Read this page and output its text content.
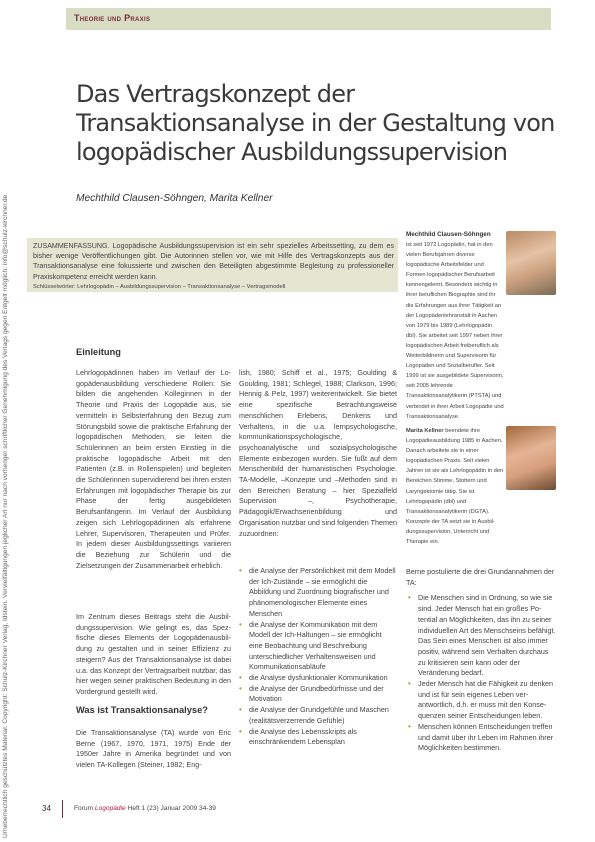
Theorie und Praxis
Urheberrechtlich geschütztes Material. Copyright: Schulz-Kirchner Verlag, Idstein. Vervielfältigungen jeglicher Art nur nach vorheriger schriftlicher Genehmigung des Verlags gegen Entgelt möglich. info@schulz-kirchner.de
Das Vertragskonzept der
Transaktionsanalyse in der Gestaltung von
logopädischer Ausbildungssupervision
Mechthild Clausen-Söhngen, Marita Kellner
ZUSAMMENFASSUNG. Logopädische Ausbildungssupervision ist ein sehr spezielles Arbeitssetting, zu dem es bisher wenige Veröffentlichungen gibt. Die Autorinnen stellen vor, wie mit Hilfe des Vertragskonzepts aus der Transaktionsanalyse eine fokussierte und zwischen den Beteiligten abgestimmte Begleitung zu professioneller Praxiskompetenz erreicht werden kann.
Schlüsselwörter: Lehrlogopädin – Ausbildungssupervision – Transaktionsanalyse – Vertragsmodell
Mechthild Clausen-Söhngen
ist seit 1972 Logopädin, hat in den vielen Berufsjahren diverse logopädische Arbeitsfelder und Formen logopädischer Berufsarbeit kennengelernt. Besonders wichtig in ihrer beruflichen Biographie sind ihr die Erfahrungen aus ihrer Tätigkeit an der Logopädenlehranstalt in Aachen von 1979 bis 1989 (Lehrlogopädin dbl). Sie arbeitet seit 1997 neben ihrer logopädischen Arbeit freiberuflich als Weiterbildnerin und Supervisorin für Logopäden und Sozialberufler. Seit 1999 ist sie ausgebildete Supervisorin, seit 2005 lehrende Transaktionsanalytikerin (PTSTA) und verbindet in ihrer Arbeit Logopädie und Transaktionsanalyse.
Marita Kellner beendete ihre Logopädieausbildung 1985 in Aachen. Danach arbeitete sie in einer logopädischen Praxis. Seit vielen Jahren ist sie als Lehrlogopädin in den Bereichen Stimme, Stottern und Laryngektomie tätig. Sie ist Lehrlogopädin (dbl) und Transaktionsanalytikerin (DGTA). Konzepte der TA setzt sie in Ausbildungssupervision, Unterricht und Therapie ein.
Einleitung
Lehrlogopädinnen haben im Verlauf der Logopädenausbildung verschiedene Rollen: Sie bilden die angehenden Kolleginnen in der Theorie und Praxis der Logopädie aus, sie vermitteln in Selbsterfahrung den Bezug zum Störungsbild sowie die praktische Erfahrung der logopädischen Methoden, sie leiten die Schülerinnen an beim ersten Einstieg in die praktische logopädische Arbeit mit den Patienten (z.B. in Rollenspielen) und begleiten die Schülerinnen supervidierend bei ihren ersten Erfahrungen mit logopädischer Therapie bis zur Phase der fertig ausgebildeten Berufsanfängerin. Im Verlauf der Ausbildung zeigen sich Lehrlogopädinnen als erfahrene Lehrer, Supervisoren, Therapeuten und Prüfer. In jedem dieser Ausbildungssettings variieren die Beziehung zur Schülerin und die Zielsetzungen der Zusammenarbeit erheblich.
Im Zentrum dieses Beitrags steht die Ausbildungssupervision. Wie gelingt es, das Spezfische dieses Elements der Logopädenausbildung zu gestalten und in seiner Effizienz zu steigern? Aus der Transaktionsanalyse ist dabei u.a. das Konzept der Vertragsarbeit nutzbar, das hier wegen seiner praktischen Bedeutung in den Vordergrund gestellt wird.
Was ist Transaktionsanalyse?
Die Transaktionsanalyse (TA) wurde von Eric Berne (1967, 1970, 1971, 1975) Ende der 1950er Jahre in Amerika begründet und von vielen TA-Kollegen (Steiner, 1982; Eng-
lish, 1980; Schiff et al., 1975; Goulding & Goulding, 1981; Schlegel, 1988; Clarkson, 1996; Hennig & Pelz, 1997) weiterentwickelt. Sie bietet eine spezifische Betrachtungsweise menschlichen Erlebens, Denkens und Verhaltens, in die u.a. lernpsychologische, kommunikationspsychologische, psychoanalytische und sozialpsychologische Elemente einbezogen wurden. Sie fußt auf dem Menschenbild der humanistischen Psychologie. TA-Modelle, –Konzepte und –Methoden sind in den Bereichen Beratung – hier Spezialfeld Supervision –, Psychotherapie, Pädagogik/Erwachsenenbildung und Organisation nutzbar und sind folgenden Themen zuzuordnen:
• die Analyse der Persönlichkeit mit dem Modell der Ich-Zustände – sie ermöglicht die Abbildung und Zuordnung biografischer und phänomenologischer Elemente eines Menschen
• die Analyse der Kommunikation mit dem Modell der Ich-Haltungen – sie ermöglicht eine Beobachtung und Beschreibung unterschiedlicher Verhaltensweisen und Kommunikationsabläufe
• die Analyse dysfunktionaler Kommunikation
• die Analyse der Grundbedürfnisse und der Motivation
• die Analyse der Grundgefühle und Maschen (realitätsverzerrende Gefühle)
• die Analyse des Lebensskripts als einschränkendem Lebensplan
Berne postulierte die drei Grundannahmen der TA:
• Die Menschen sind in Ordnung, so wie sie sind. Jeder Mensch hat ein großes Potential an Möglichkeiten, das ihn zu seiner individuellen Art des Menschseins befähigt. Das Sein eines Menschen ist also immer positiv, während sein Verhalten durchaus zu kritisieren sein kann oder der Veränderung bedarf.
• Jeder Mensch hat die Fähigkeit zu denken und ist für sein eigenes Leben verantwortlich, d.h. er muss mit den Konsequenzen seiner Entscheidungen leben.
• Menschen können Entscheidungen treffen und damit über ihr Leben im Rahmen ihrer Möglichkeiten bestimmen.
34	Forum Logopädie Heft 1 (23) Januar 2009 34-39
